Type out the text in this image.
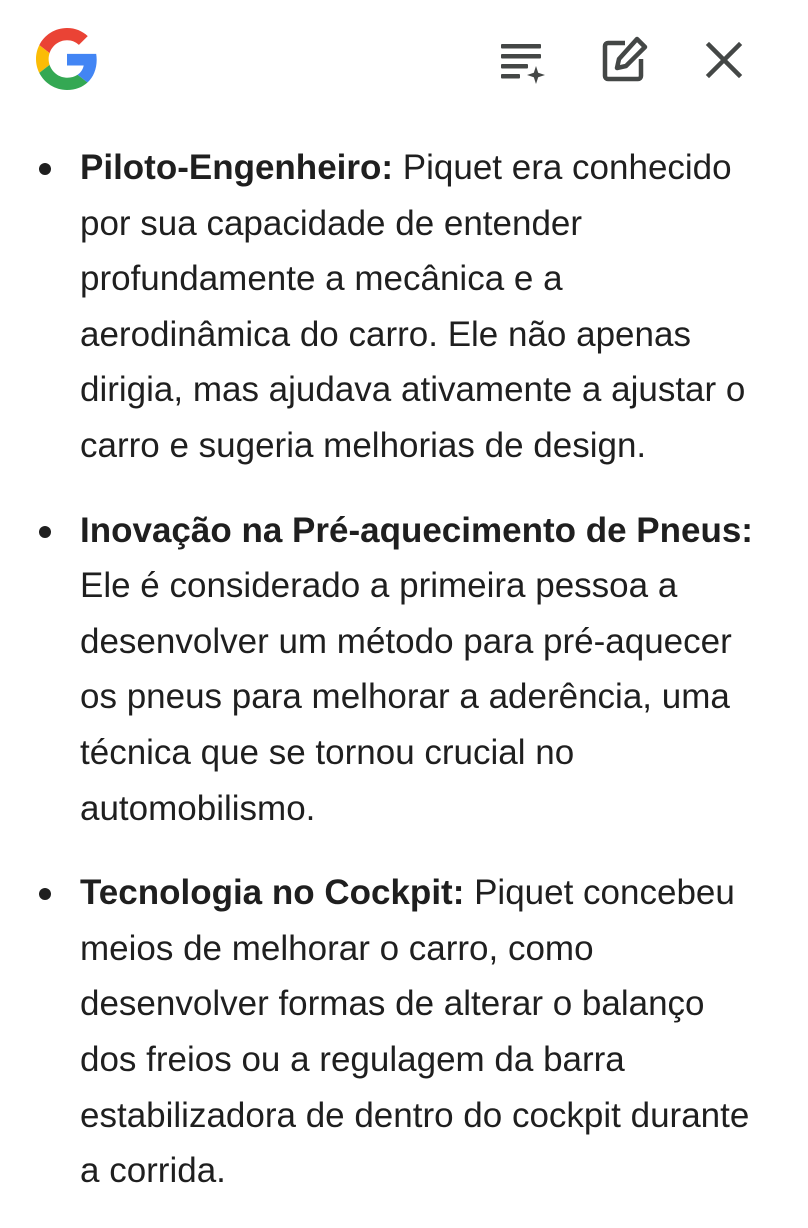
Piloto-Engenheiro: Piquet era conhecido por sua capacidade de entender profundamente a mecânica e a aerodinâmica do carro. Ele não apenas dirigia, mas ajudava ativamente a ajustar o carro e sugeria melhorias de design.
Inovação na Pré-aquecimento de Pneus: Ele é considerado a primeira pessoa a desenvolver um método para pré-aquecer os pneus para melhorar a aderência, uma técnica que se tornou crucial no automobilismo.
Tecnologia no Cockpit: Piquet concebeu meios de melhorar o carro, como desenvolver formas de alterar o balanço dos freios ou a regulagem da barra estabilizadora de dentro do cockpit durante a corrida.
